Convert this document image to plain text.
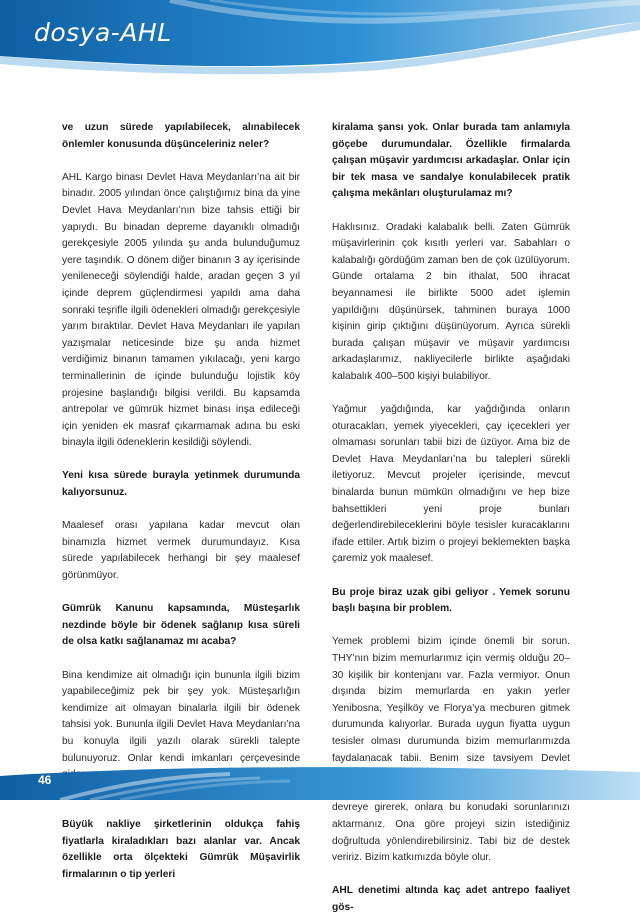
dosya-AHL

ve uzun sürede yapılabilecek, alınabilecek önlemler konusunda düşünceleriniz neler?

AHL Kargo binası Devlet Hava Meydanları’na ait bir binadır. 2005 yılından önce çalıştığımız bina da yine Devlet Hava Meydanları’nın bize tahsis ettiği bir yapıydı. Bu binadan depreme dayanıklı olmadığı gerekçesiyle 2005 yılında şu anda bulunduğumuz yere taşındık. O dönem diğer binanın 3 ay içerisinde yenileneceği söylendiği halde, aradan geçen 3 yıl içinde deprem güçlendirmesi yapıldı ama daha sonraki teşrifle ilgili ödenekleri olmadığı gerekçesiyle yarım bıraktılar. Devlet Hava Meydanları ile yapılan yazışmalar neticesinde bize şu anda hizmet verdiğimiz binanın tamamen yıkılacağı, yeni kargo terminallerinin de içinde bulunduğu lojistik köy projesine başlandığı bilgisi verildi. Bu kapsamda antrepolar ve gümrük hizmet binası inşa edileceği için yeniden ek masraf çıkarmamak adına bu eski binayla ilgili ödeneklerin kesildiği söylendi.

Yeni kısa sürede burayla yetinmek durumunda kalıyorsunuz.

Maalesef orası yapılana kadar mevcut olan binamızla hizmet vermek durumundayız. Kısa sürede yapılabilecek herhangi bir şey maalesef görünmüyor.

Gümrük Kanunu kapsamında, Müsteşarlık nezdinde böyle bir ödenek sağlanıp kısa süreli de olsa katkı sağlanamaz mı acaba?

Bina kendimize ait olmadığı için bununla ilgili bizim yapabileceğimiz pek bir şey yok. Müsteşarlığın kendimize ait olmayan binalarla ilgili bir ödenek tahsisi yok. Bununla ilgili Devlet Hava Meydanları’na bu konuyla ilgili yazılı olarak sürekli talepte bulunuyoruz. Onlar kendi imkanları çerçevesinde

Büyük nakliye şirketlerinin oldukça fahiş fiyatlarla kiraladıkları bazı alanlar var. Ancak özellikle orta ölçekteki Gümrük Müşavirlik firmalarının o tip yerleri

kiralama şansı yok. Onlar burada tam anlamıyla göçebe durumundalar. Özellikle firmalarda çalışan müşavir yardımcısı arkadaşlar. Onlar için bir tek masa ve sandalye konulabilecek pratik çalışma mekânları oluşturulamaz mı?

Haklısınız. Oradaki kalabalık belli. Zaten Gümrük müşavirlerinin çok kısıtlı yerleri var. Sabahları o kalabalığı gördüğüm zaman ben de çok üzülüyorum. Günde ortalama 2 bin ithalat, 500 ihracat beyannamesi ile birlikte 5000 adet işlemin yapıldığını düşünürsek, tahminen buraya 1000 kişinin girip çıktığını düşünüyorum. Ayrıca sürekli burada çalışan müşavir ve müşavir yardımcısı arkadaşlarımız, nakliyecilerle birlikte aşağıdaki kalabalık 400–500 kişiyi bulabiliyor.

Yağmur yağdığında, kar yağdığında onların oturacakları, yemek yiyecekleri, çay içecekleri yer olmaması sorunları tabii bizi de üzüyor. Ama biz de Devlet Hava Meydanları’na bu talepleri sürekli iletiyoruz. Mevcut projeler içerisinde, mevcut binalarda bunun mümkün olmadığını ve hep bize bahsettikleri yeni proje bunları değerlendirebileceklerini böyle tesisler kuracaklarını ifade ettiler. Artık bizim o projeyi beklemekten başka çaremiz yok maalesef.

Bu proje biraz uzak gibi geliyor . Yemek sorunu başlı başına bir problem.

Yemek problemi bizim içinde önemli bir sorun. THY’nın bizim memurlarımız için vermiş olduğu 20–30 kişilik bir kontenjanı var. Fazla vermiyor. Onun dışında bizim memurlarda en yakın yerler Yenibosna, Yeşilköy ve Florya’ya mecburen gitmek durumunda kalıyorlar. Burada uygun fiyatta uygun tesisler olması durumunda bizim memurlarımızda faydalanacak tabii. Benim size tavsiyem Devlet devreye girerek, onlara bu konudaki sorunlarınızı aktarmanız. Ona göre projeyi sizin istediğiniz doğrultuda yönlendirebilirsiniz. Tabi biz de destek veririz. Bizim katkımızda böyle olur.

AHL denetimi altında kaç adet antrepo faaliyet gös-

46
